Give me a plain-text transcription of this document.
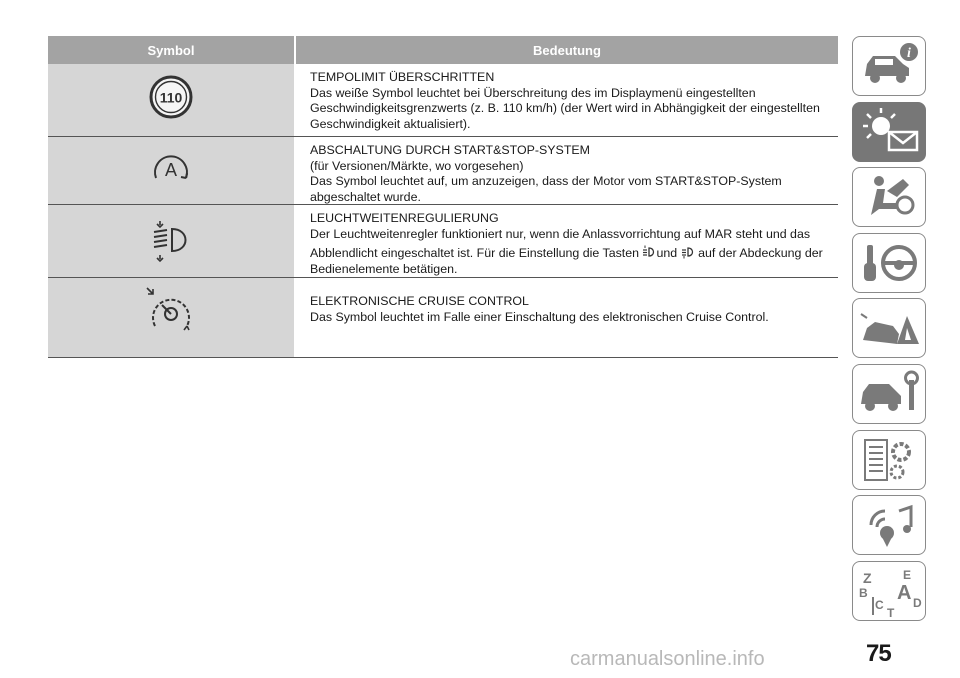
Symbol	Bedeutung
110

TEMPOLIMIT ÜBERSCHRITTEN

Das weiße Symbol leuchtet bei Überschreitung des im Displaymenü eingestellten

Geschwindigkeitsgrenzwerts (z. B. 110 km/h) (der Wert wird in Abhängigkeit der eingestellten

Geschwindigkeit aktualisiert).

A

ABSCHALTUNG DURCH START&STOP-SYSTEM

(für Versionen/Märkte, wo vorgesehen)

Das Symbol leuchtet auf, um anzuzeigen, dass der Motor vom START&STOP-System

abgeschaltet wurde.

LEUCHTWEITENREGULIERUNG

Der Leuchtweitenregler funktioniert nur, wenn die Anlassvorrichtung auf MAR steht und das

Abblendlicht eingeschaltet ist. Für die Einstellung die Tasten und auf der Abdeckung der

Bedienelemente betätigen.

ELEKTRONISCHE CRUISE CONTROL

Das Symbol leuchtet im Falle einer Einschaltung des elektronischen Cruise Control.

i
Z	E
B A
C D
T
75
carmanualsonline.info
